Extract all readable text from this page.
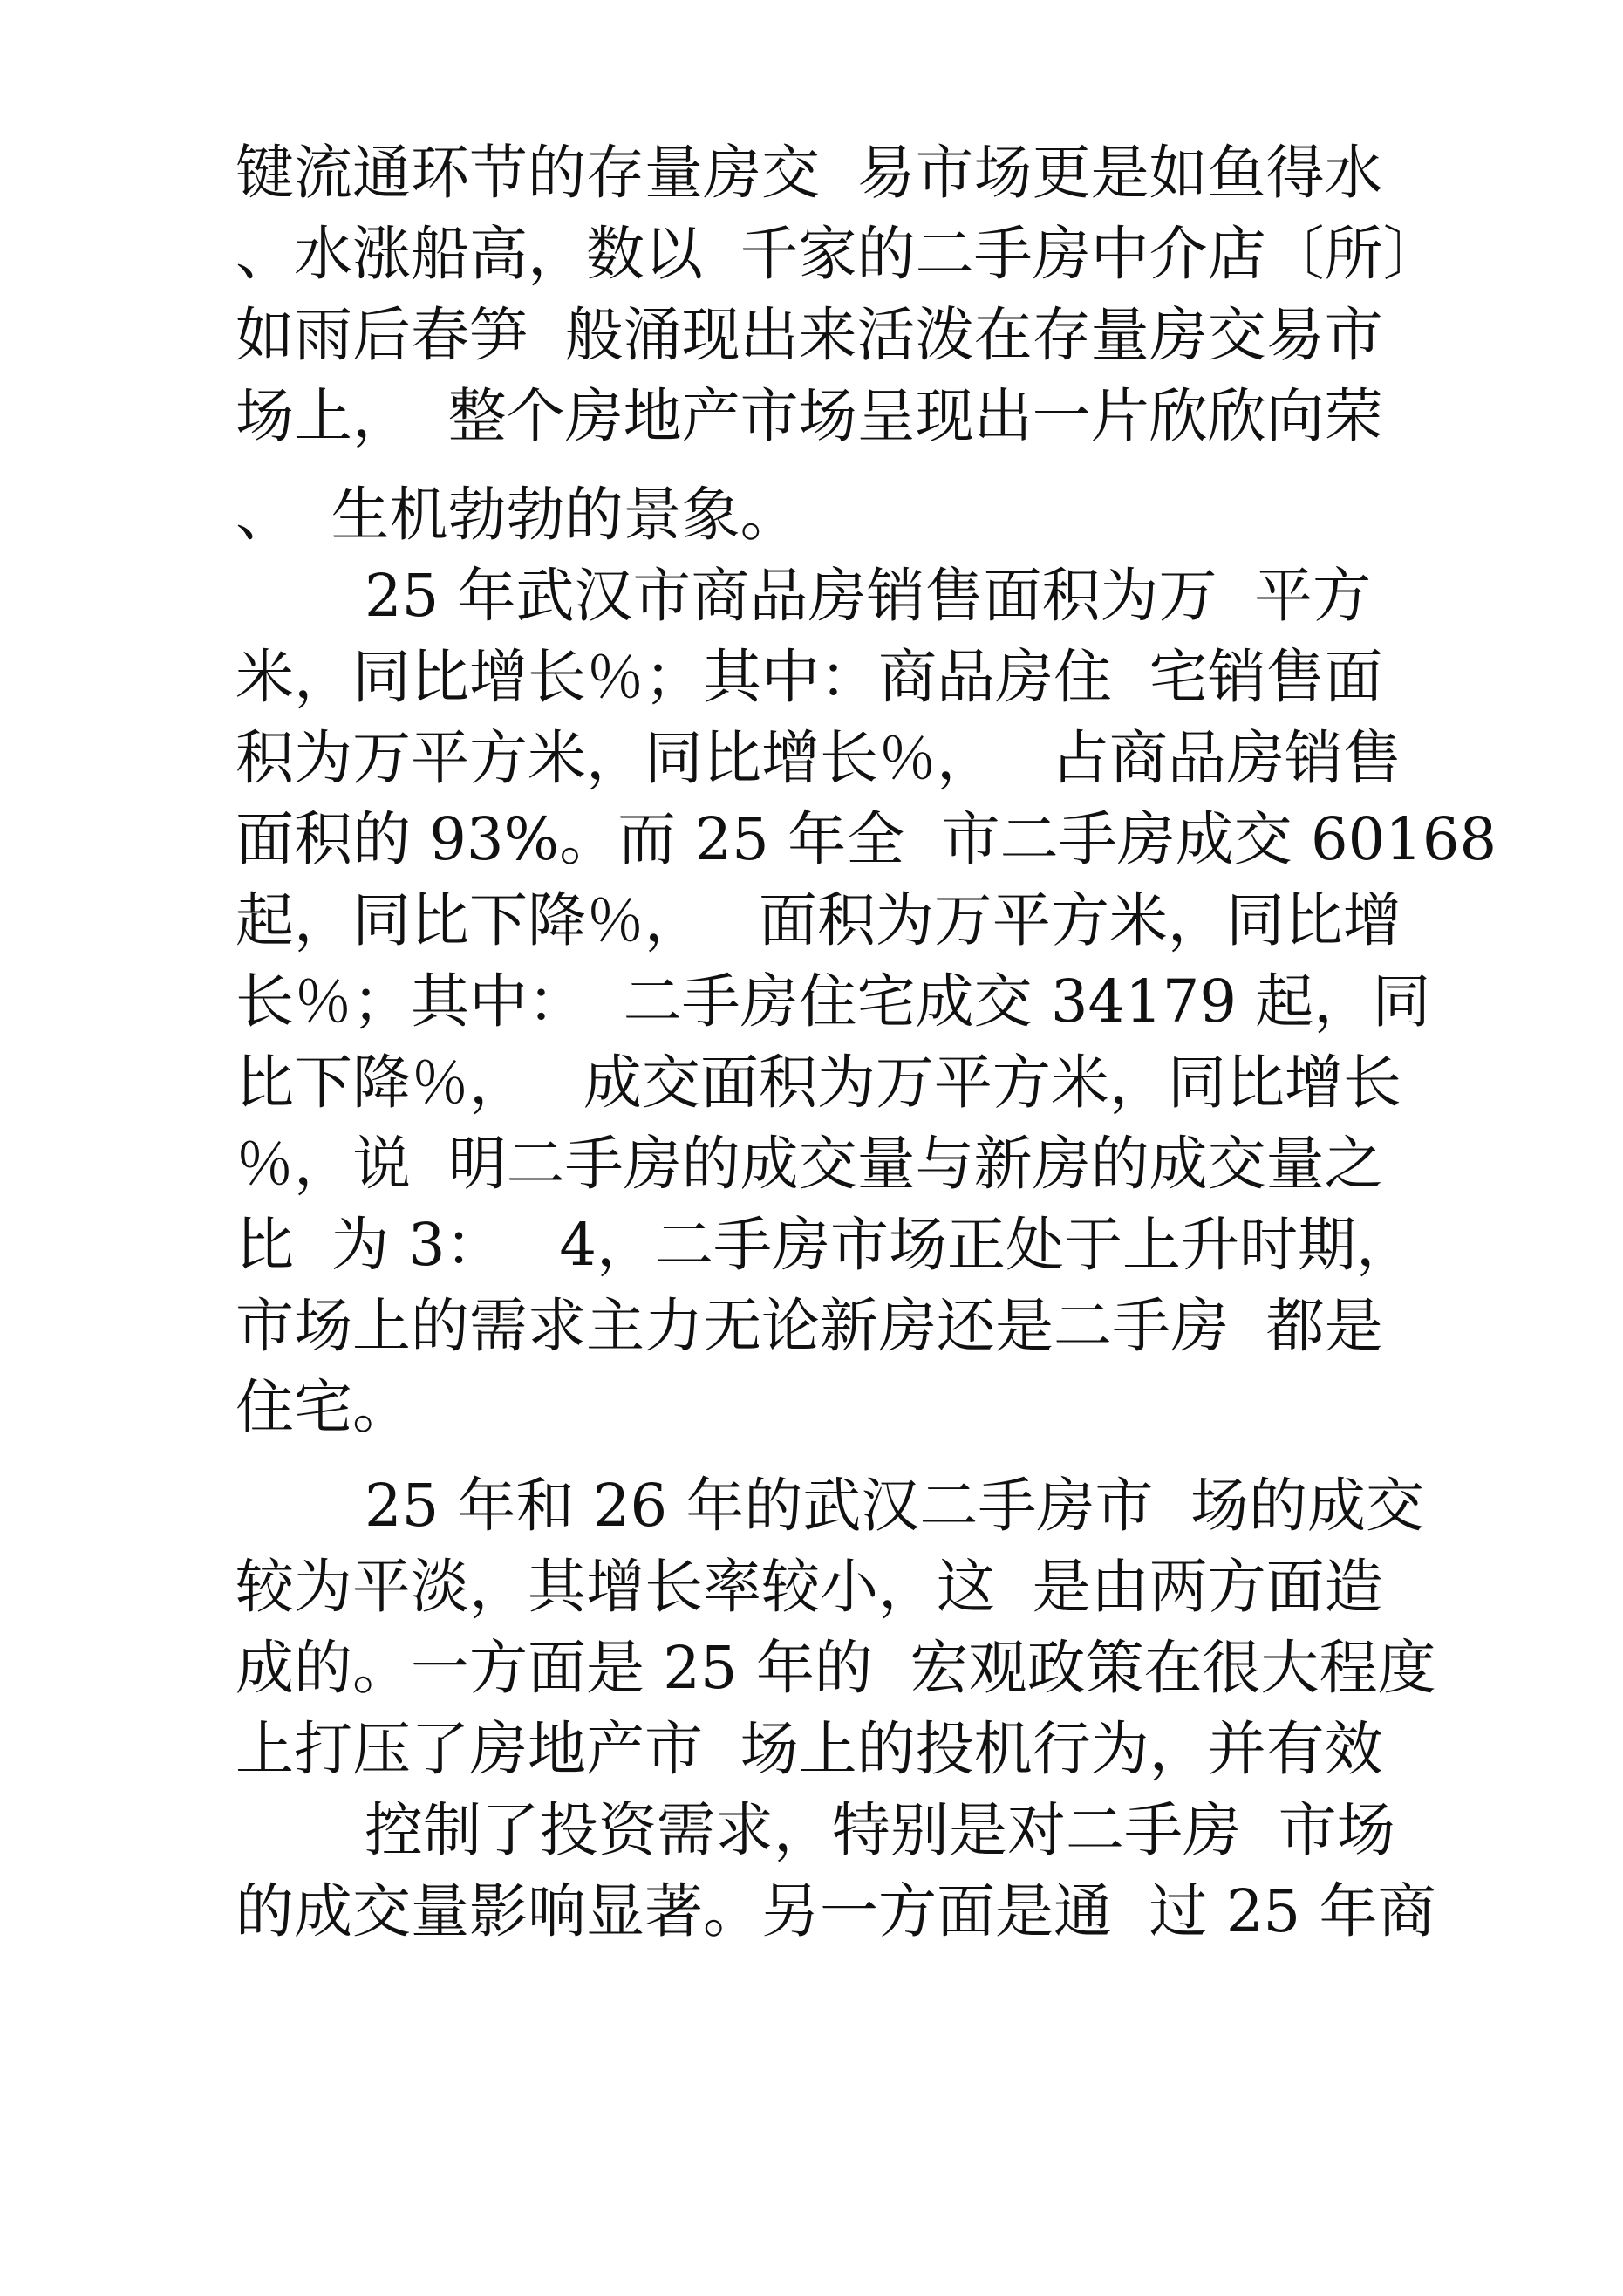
键流通环节的存量房交  易市场更是如鱼得水
、水涨船高，数以  千家的二手房中介店〔所〕
如雨后春笋  般涌现出来活泼在存量房交易市
场上，  整个房地产市场呈现出一片欣欣向荣
、  生机勃勃的景象。
25 年武汉市商品房销售面积为万  平方
米，同比增长％；其中：商品房住  宅销售面
积为万平方米，同比增长％，   占商品房销售
面积的 93%。而 25 年全  市二手房成交 60168
起，同比下降％，   面积为万平方米，同比增
长％；其中：  二手房住宅成交 34179 起，同
比下降％，   成交面积为万平方米，同比增长
％，说  明二手房的成交量与新房的成交量之
比  为 3：   4，二手房市场正处于上升时期，
市场上的需求主力无论新房还是二手房  都是
住宅。
25 年和 26 年的武汉二手房市  场的成交
较为平淡，其增长率较小，这  是由两方面造
成的。一方面是 25 年的  宏观政策在很大程度
上打压了房地产市  场上的投机行为，并有效
控制了投资需求，特别是对二手房  市场
的成交量影响显著。另一方面是通  过 25 年商
